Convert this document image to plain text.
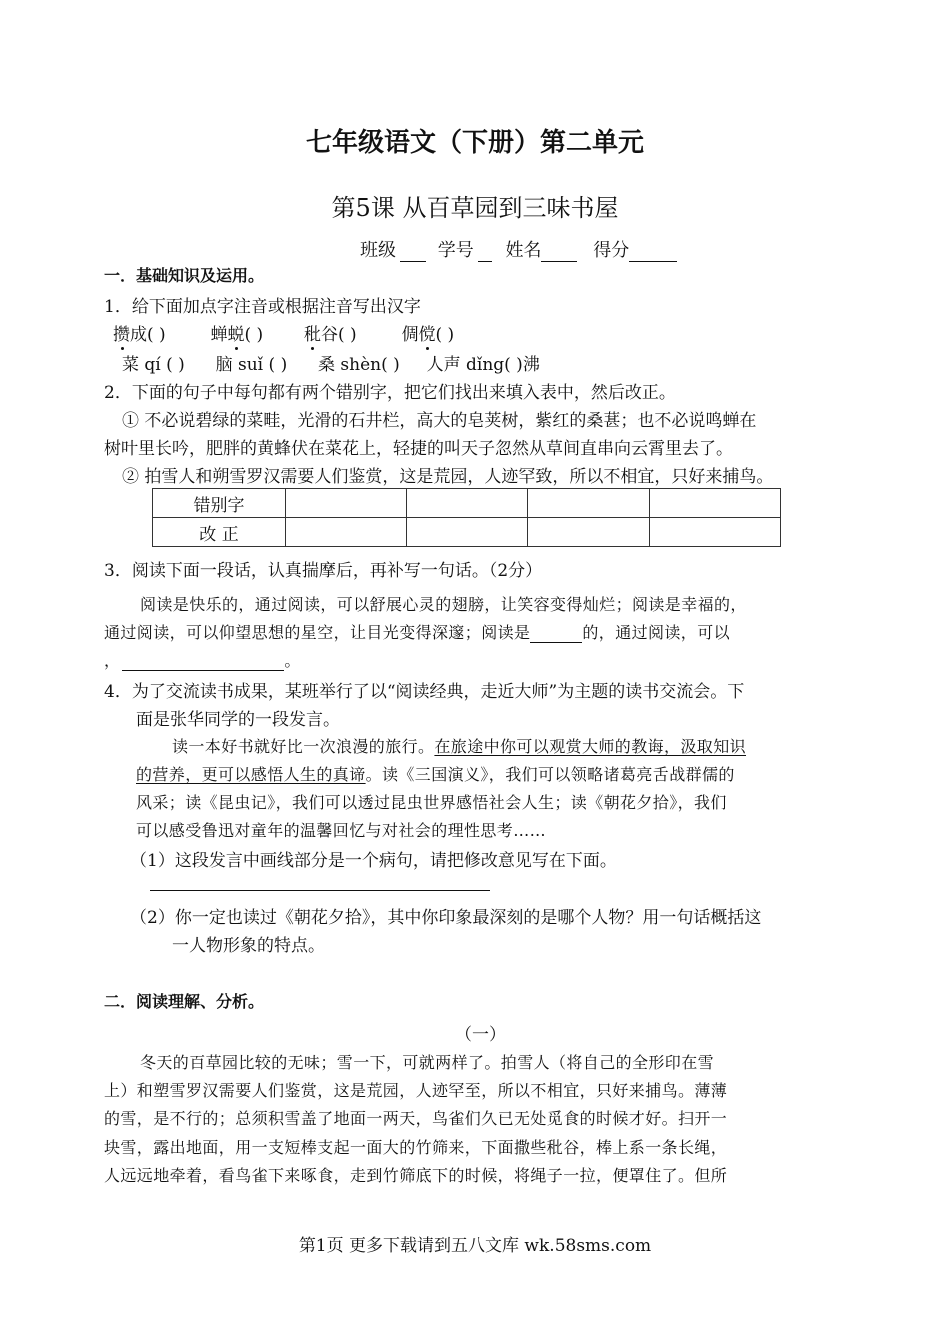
七年级语文（下册）第二单元
第5课 从百草园到三味书屋
班级 学号 姓名	得分
一．基础知识及运用。
1．给下面加点字注音或根据注音写出汉字
攒成( )	蝉蜕( ) 秕谷( )	倜傥( )
菜 qí ( ) 脑 suǐ ( ) 桑 shèn( ) 人声 dǐng( )沸
2．下面的句子中每句都有两个错别字，把它们找出来填入表中，然后改正。
① 不必说碧绿的菜畦，光滑的石井栏，高大的皂荚树，紫红的桑葚；也不必说鸣蝉在
树叶里长吟，肥胖的黄蜂伏在菜花上，轻捷的叫天子忽然从草间直串向云霄里去了。
② 拍雪人和朔雪罗汉需要人们鉴赏，这是荒园，人迹罕致，所以不相宜，只好来捕鸟。
错别字				
改 正				
3．阅读下面一段话，认真揣摩后，再补写一句话。（2分）
阅读是快乐的，通过阅读，可以舒展心灵的翅膀，让笑容变得灿烂；阅读是幸福的，
通过阅读，可以仰望思想的星空，让目光变得深邃；阅读是	的，通过阅读，可以
，	。
4．为了交流读书成果，某班举行了以“阅读经典，走近大师”为主题的读书交流会。下
面是张华同学的一段发言。
读一本好书就好比一次浪漫的旅行。在旅途中你可以观赏大师的教诲，汲取知识
的营养，更可以感悟人生的真谛。读《三国演义》，我们可以领略诸葛亮舌战群儒的
风采；读《昆虫记》，我们可以透过昆虫世界感悟社会人生；读《朝花夕拾》，我们
可以感受鲁迅对童年的温馨回忆与对社会的理性思考……
（1）这段发言中画线部分是一个病句，请把修改意见写在下面。
（2）你一定也读过《朝花夕拾》，其中你印象最深刻的是哪个人物？用一句话概括这
一人物形象的特点。
二．阅读理解、分析。
（一）
冬天的百草园比较的无味；雪一下，可就两样了。拍雪人（将自己的全形印在雪
上）和塑雪罗汉需要人们鉴赏，这是荒园，人迹罕至，所以不相宜，只好来捕鸟。薄薄
的雪，是不行的；总须积雪盖了地面一两天，鸟雀们久已无处觅食的时候才好。扫开一
块雪，露出地面，用一支短棒支起一面大的竹筛来，下面撒些秕谷，棒上系一条长绳，
人远远地牵着，看鸟雀下来啄食，走到竹筛底下的时候，将绳子一拉，便罩住了。但所
第1页 更多下载请到五八文库 wk.58sms.com
